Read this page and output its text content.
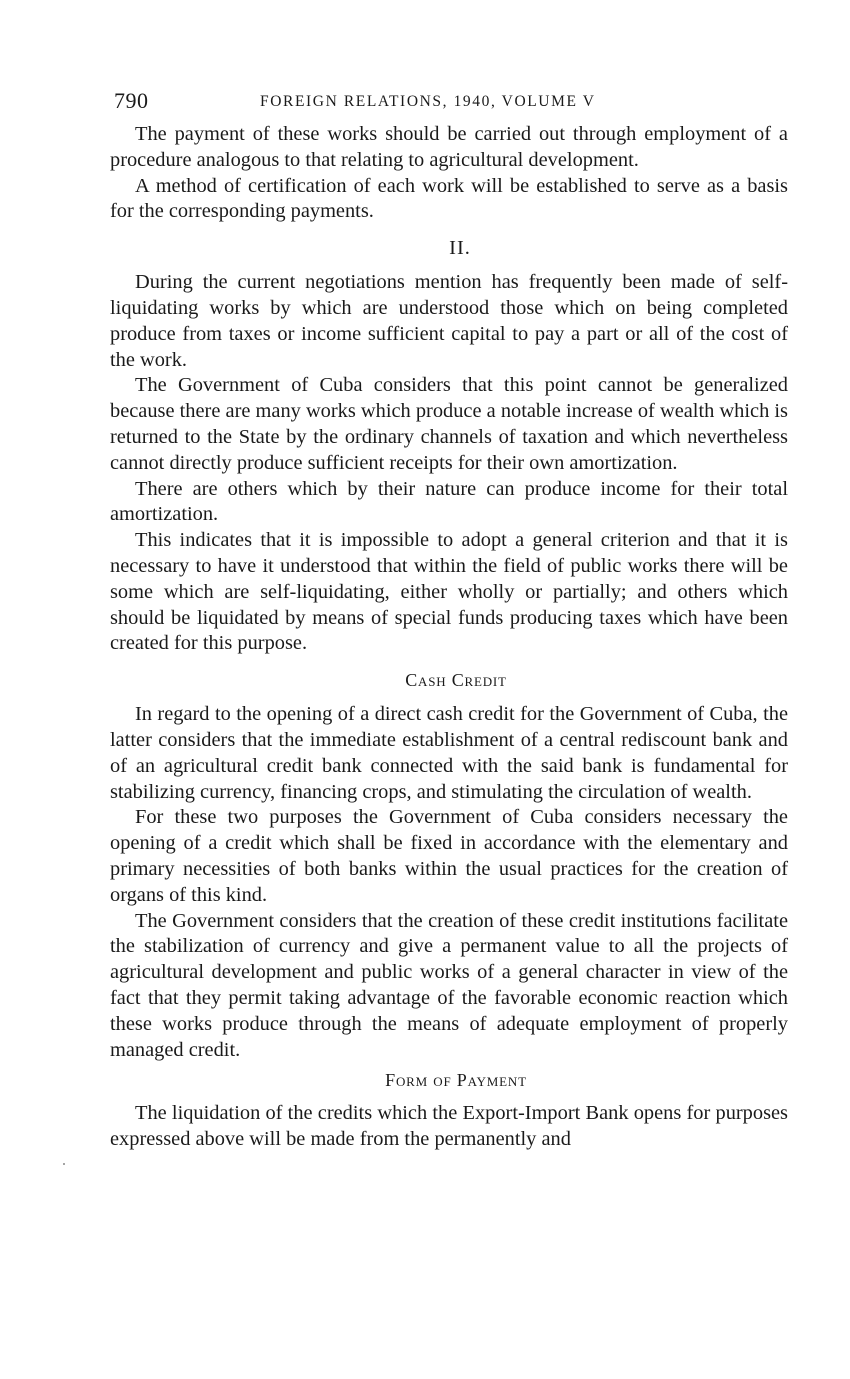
790	FOREIGN RELATIONS, 1940, VOLUME V

The payment of these works should be carried out through employment of a procedure analogous to that relating to agricultural development.

A method of certification of each work will be established to serve as a basis for the corresponding payments.

II.

During the current negotiations mention has frequently been made of self-liquidating works by which are understood those which on being completed produce from taxes or income sufficient capital to pay a part or all of the cost of the work.

The Government of Cuba considers that this point cannot be generalized because there are many works which produce a notable increase of wealth which is returned to the State by the ordinary channels of taxation and which nevertheless cannot directly produce sufficient receipts for their own amortization.

There are others which by their nature can produce income for their total amortization.

This indicates that it is impossible to adopt a general criterion and that it is necessary to have it understood that within the field of public works there will be some which are self-liquidating, either wholly or partially; and others which should be liquidated by means of special funds producing taxes which have been created for this purpose.

Cash Credit

In regard to the opening of a direct cash credit for the Government of Cuba, the latter considers that the immediate establishment of a central rediscount bank and of an agricultural credit bank connected with the said bank is fundamental for stabilizing currency, financing crops, and stimulating the circulation of wealth.

For these two purposes the Government of Cuba considers necessary the opening of a credit which shall be fixed in accordance with the elementary and primary necessities of both banks within the usual practices for the creation of organs of this kind.

The Government considers that the creation of these credit institutions facilitate the stabilization of currency and give a permanent value to all the projects of agricultural development and public works of a general character in view of the fact that they permit taking advantage of the favorable economic reaction which these works produce through the means of adequate employment of properly managed credit.

Form of Payment

The liquidation of the credits which the Export-Import Bank opens for purposes expressed above will be made from the permanently and
